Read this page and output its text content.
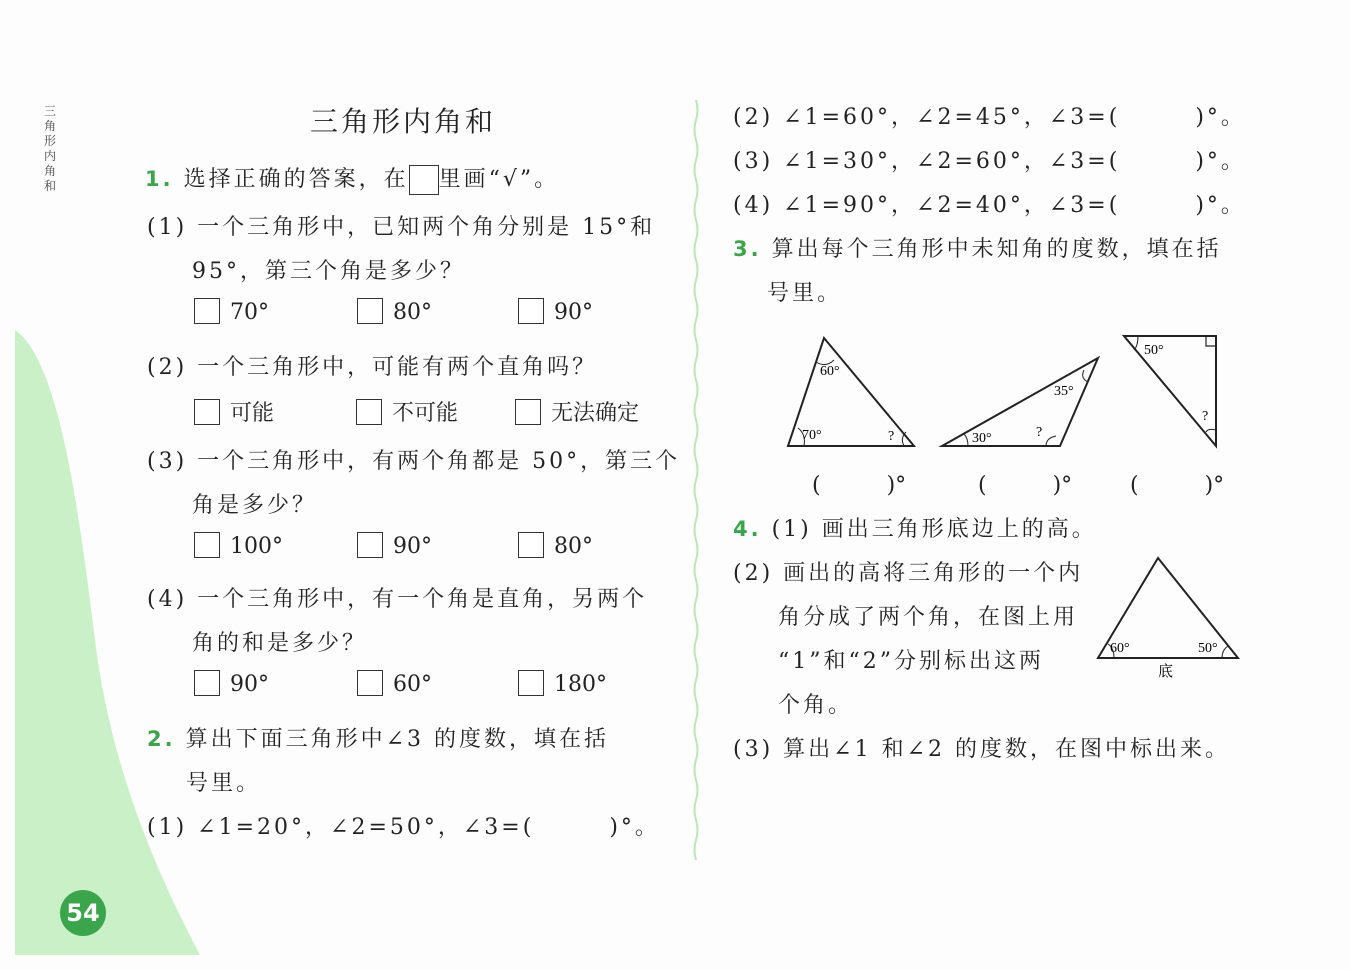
三角形内角和
54
三角形内角和
1. 选择正确的答案，在 里画“√”。
(1) 一个三角形中，已知两个角分别是 15°和
95°，第三个角是多少？
70°	80°	90°
(2) 一个三角形中，可能有两个直角吗？
可能	不可能	无法确定
(3) 一个三角形中，有两个角都是 50°，第三个
角是多少？
100°	90°	80°
(4) 一个三角形中，有一个角是直角，另两个
角的和是多少？
90°	60°	180°
2. 算出下面三角形中∠3 的度数，填在括
号里。
(1) ∠1=20°，∠2=50°，∠3=(　　　)°。
(2) ∠1=60°，∠2=45°，∠3=(　　　)°。
(3) ∠1=30°，∠2=60°，∠3=(　　　)°。
(4) ∠1=90°，∠2=40°，∠3=(　　　)°。
3. 算出每个三角形中未知角的度数，填在括
号里。
60°
70°	?
(　　　)°
35°
30°	?
(　　　)°
50°
?
(　　　)°
4. (1) 画出三角形底边上的高。
(2) 画出的高将三角形的一个内
角分成了两个角，在图上用
“1”和“2”分别标出这两
个角。
(3) 算出∠1 和∠2 的度数，在图中标出来。
60°	50°
底
